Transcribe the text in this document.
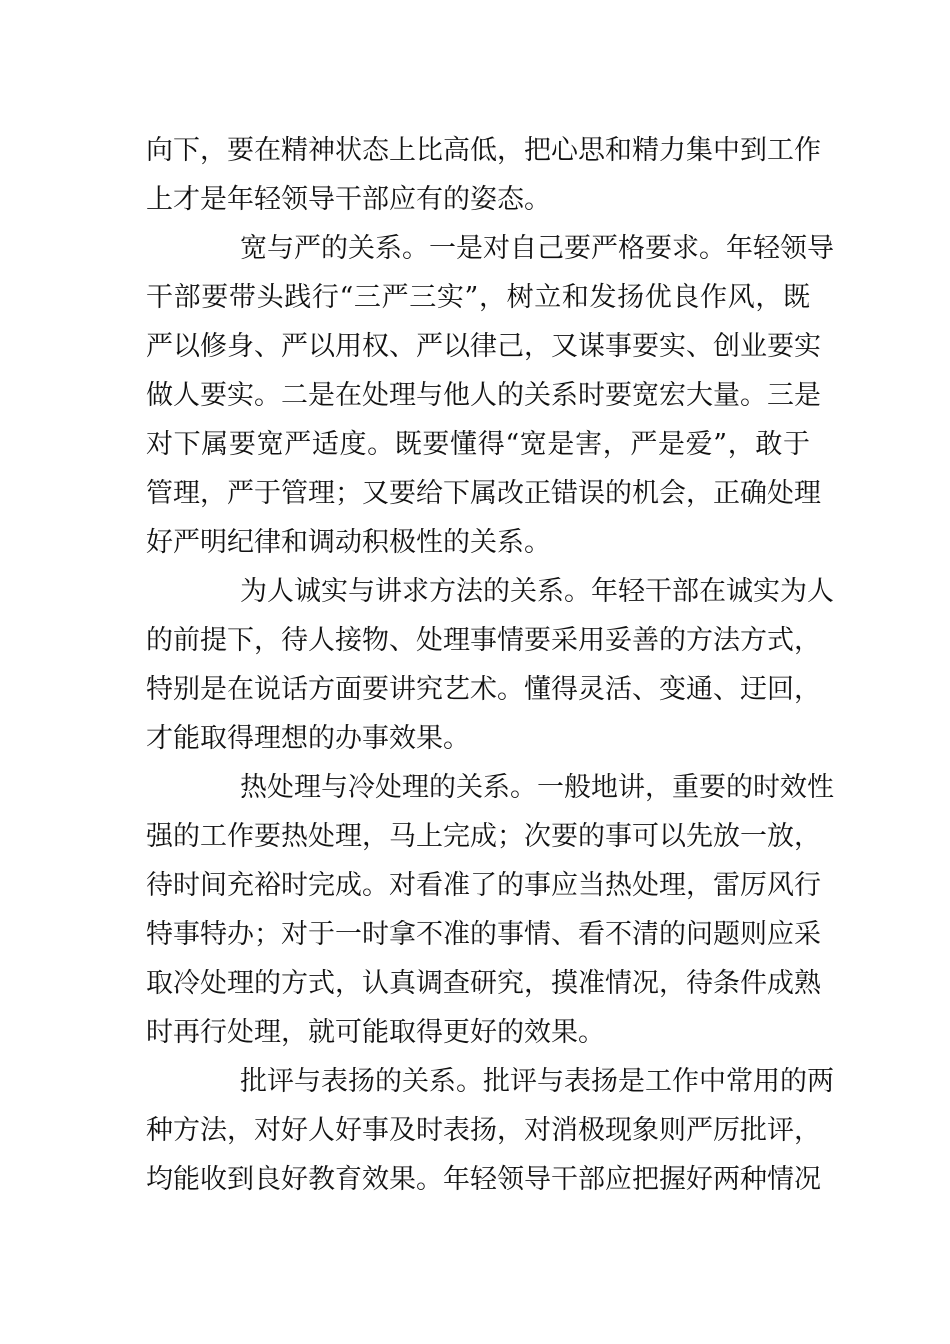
向下，要在精神状态上比高低，把心思和精力集中到工作
上才是年轻领导干部应有的姿态。
宽与严的关系。一是对自己要严格要求。年轻领导
干部要带头践行“三严三实”，树立和发扬优良作风，既
严以修身、严以用权、严以律己，又谋事要实、创业要实
做人要实。二是在处理与他人的关系时要宽宏大量。三是
对下属要宽严适度。既要懂得“宽是害，严是爱”，敢于
管理，严于管理；又要给下属改正错误的机会，正确处理
好严明纪律和调动积极性的关系。
为人诚实与讲求方法的关系。年轻干部在诚实为人
的前提下，待人接物、处理事情要采用妥善的方法方式，
特别是在说话方面要讲究艺术。懂得灵活、变通、迂回，
才能取得理想的办事效果。
热处理与冷处理的关系。一般地讲，重要的时效性
强的工作要热处理，马上完成；次要的事可以先放一放，
待时间充裕时完成。对看准了的事应当热处理，雷厉风行
特事特办；对于一时拿不准的事情、看不清的问题则应采
取冷处理的方式，认真调查研究，摸准情况，待条件成熟
时再行处理，就可能取得更好的效果。
批评与表扬的关系。批评与表扬是工作中常用的两
种方法，对好人好事及时表扬，对消极现象则严厉批评，
均能收到良好教育效果。年轻领导干部应把握好两种情况
